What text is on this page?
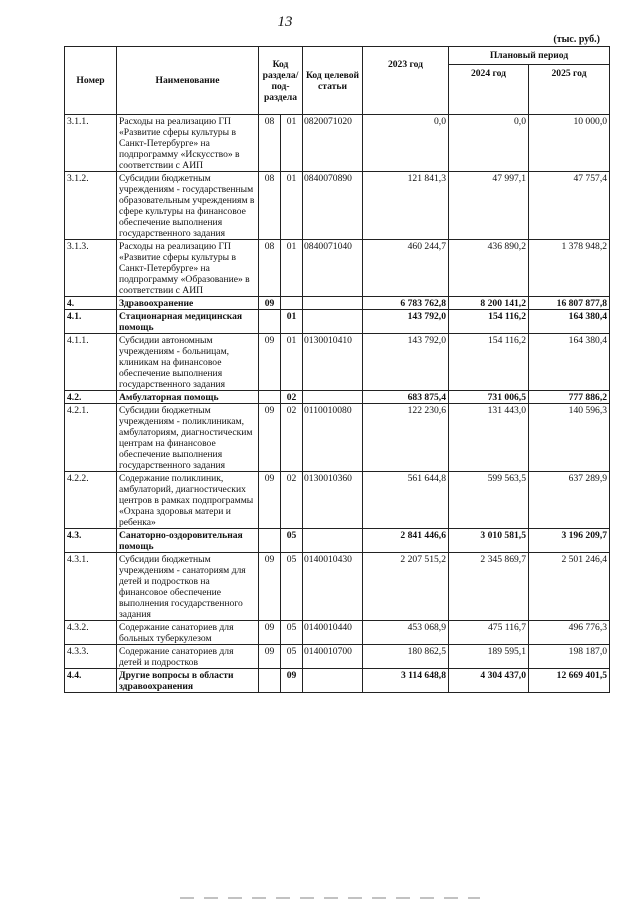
13
(тыс. руб.)
Номер	Наименование	Код раздела/ под- раздела		Код целевой статьи	2023 год	Плановый период	
						2024 год	2025 год
3.1.1.	Расходы на реализацию ГП «Развитие сферы культуры в Санкт-Петербурге» на подпрограмму «Искусство» в соответствии с АИП	08	01	0820071020	0,0	0,0	10 000,0
3.1.2.	Субсидии бюджетным учреждениям - государственным образовательным учреждениям в сфере культуры на финансовое обеспечение выполнения государственного задания	08	01	0840070890	121 841,3	47 997,1	47 757,4
3.1.3.	Расходы на реализацию ГП «Развитие сферы культуры в Санкт-Петербурге» на подпрограмму «Образование» в соответствии с АИП	08	01	0840071040	460 244,7	436 890,2	1 378 948,2
4.	Здравоохранение	09			6 783 762,8	8 200 141,2	16 807 877,8
4.1.	Стационарная медицинская помощь		01		143 792,0	154 116,2	164 380,4
4.1.1.	Субсидии автономным учреждениям - больницам, клиникам на финансовое обеспечение выполнения государственного задания	09	01	0130010410	143 792,0	154 116,2	164 380,4
4.2.	Амбулаторная помощь		02		683 875,4	731 006,5	777 886,2
4.2.1.	Субсидии бюджетным учреждениям - поликлиникам, амбулаториям, диагностическим центрам на финансовое обеспечение выполнения государственного задания	09	02	0110010080	122 230,6	131 443,0	140 596,3
4.2.2.	Содержание поликлиник, амбулаторий, диагностических центров в рамках подпрограммы «Охрана здоровья матери и ребенка»	09	02	0130010360	561 644,8	599 563,5	637 289,9
4.3.	Санаторно-оздоровительная помощь		05		2 841 446,6	3 010 581,5	3 196 209,7
4.3.1.	Субсидии бюджетным учреждениям - санаториям для детей и подростков на финансовое обеспечение выполнения государственного задания	09	05	0140010430	2 207 515,2	2 345 869,7	2 501 246,4
4.3.2.	Содержание санаториев для больных туберкулезом	09	05	0140010440	453 068,9	475 116,7	496 776,3
4.3.3.	Содержание санаториев для детей и подростков	09	05	0140010700	180 862,5	189 595,1	198 187,0
4.4.	Другие вопросы в области здравоохранения		09		3 114 648,8	4 304 437,0	12 669 401,5
